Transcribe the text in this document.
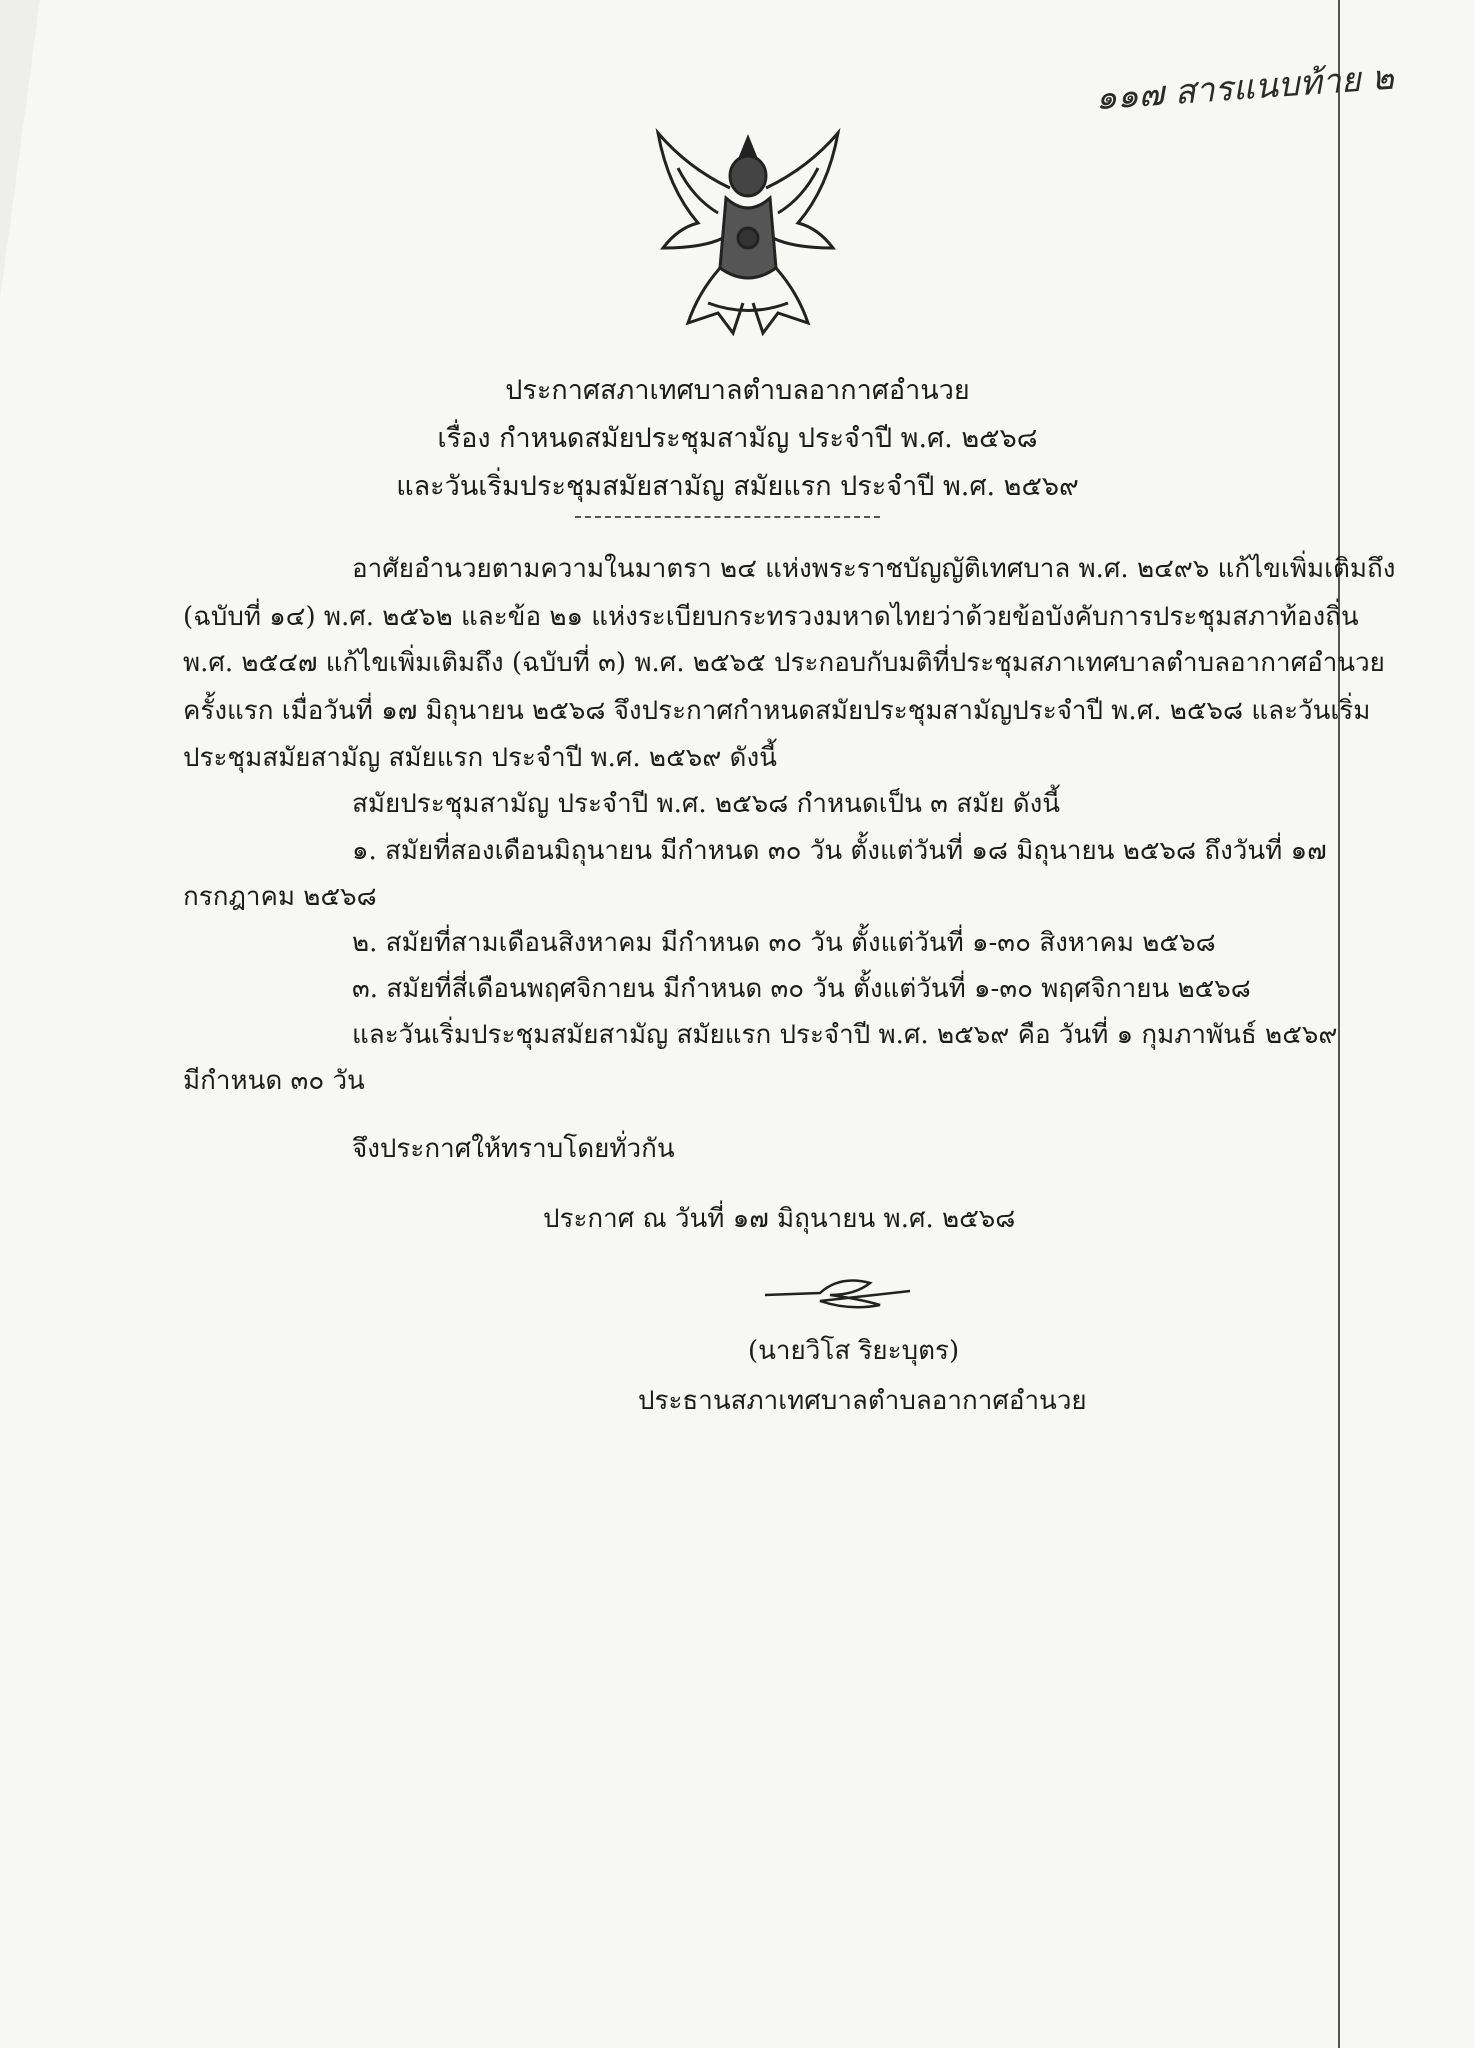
๑๑๗ สารแนบท้าย ๒
ประกาศสภาเทศบาลตำบลอากาศอำนวย
เรื่อง กำหนดสมัยประชุมสามัญ ประจำปี พ.ศ. ๒๕๖๘
และวันเริ่มประชุมสมัยสามัญ สมัยแรก ประจำปี พ.ศ. ๒๕๖๙
อาศัยอำนวยตามความในมาตรา ๒๔ แห่งพระราชบัญญัติเทศบาล พ.ศ. ๒๔๙๖ แก้ไขเพิ่มเติมถึง
(ฉบับที่ ๑๔) พ.ศ. ๒๕๖๒ และข้อ ๒๑ แห่งระเบียบกระทรวงมหาดไทยว่าด้วยข้อบังคับการประชุมสภาท้องถิ่น
พ.ศ. ๒๕๔๗ แก้ไขเพิ่มเติมถึง (ฉบับที่ ๓) พ.ศ. ๒๕๖๕ ประกอบกับมติที่ประชุมสภาเทศบาลตำบลอากาศอำนวย
ครั้งแรก เมื่อวันที่ ๑๗ มิถุนายน ๒๕๖๘ จึงประกาศกำหนดสมัยประชุมสามัญประจำปี พ.ศ. ๒๕๖๘ และวันเริ่ม
ประชุมสมัยสามัญ สมัยแรก ประจำปี พ.ศ. ๒๕๖๙ ดังนี้
สมัยประชุมสามัญ ประจำปี พ.ศ. ๒๕๖๘ กำหนดเป็น ๓ สมัย ดังนี้
๑. สมัยที่สองเดือนมิถุนายน มีกำหนด ๓๐ วัน ตั้งแต่วันที่ ๑๘ มิถุนายน ๒๕๖๘ ถึงวันที่ ๑๗
กรกฎาคม ๒๕๖๘
๒. สมัยที่สามเดือนสิงหาคม มีกำหนด ๓๐ วัน ตั้งแต่วันที่ ๑-๓๐ สิงหาคม ๒๕๖๘
๓. สมัยที่สี่เดือนพฤศจิกายน มีกำหนด ๓๐ วัน ตั้งแต่วันที่ ๑-๓๐ พฤศจิกายน ๒๕๖๘
และวันเริ่มประชุมสมัยสามัญ สมัยแรก ประจำปี พ.ศ. ๒๕๖๙ คือ วันที่ ๑ กุมภาพันธ์ ๒๕๖๙
มีกำหนด ๓๐ วัน
จึงประกาศให้ทราบโดยทั่วกัน
ประกาศ ณ วันที่ ๑๗ มิถุนายน พ.ศ. ๒๕๖๘
(นายวิโส ริยะบุตร)
ประธานสภาเทศบาลตำบลอากาศอำนวย
